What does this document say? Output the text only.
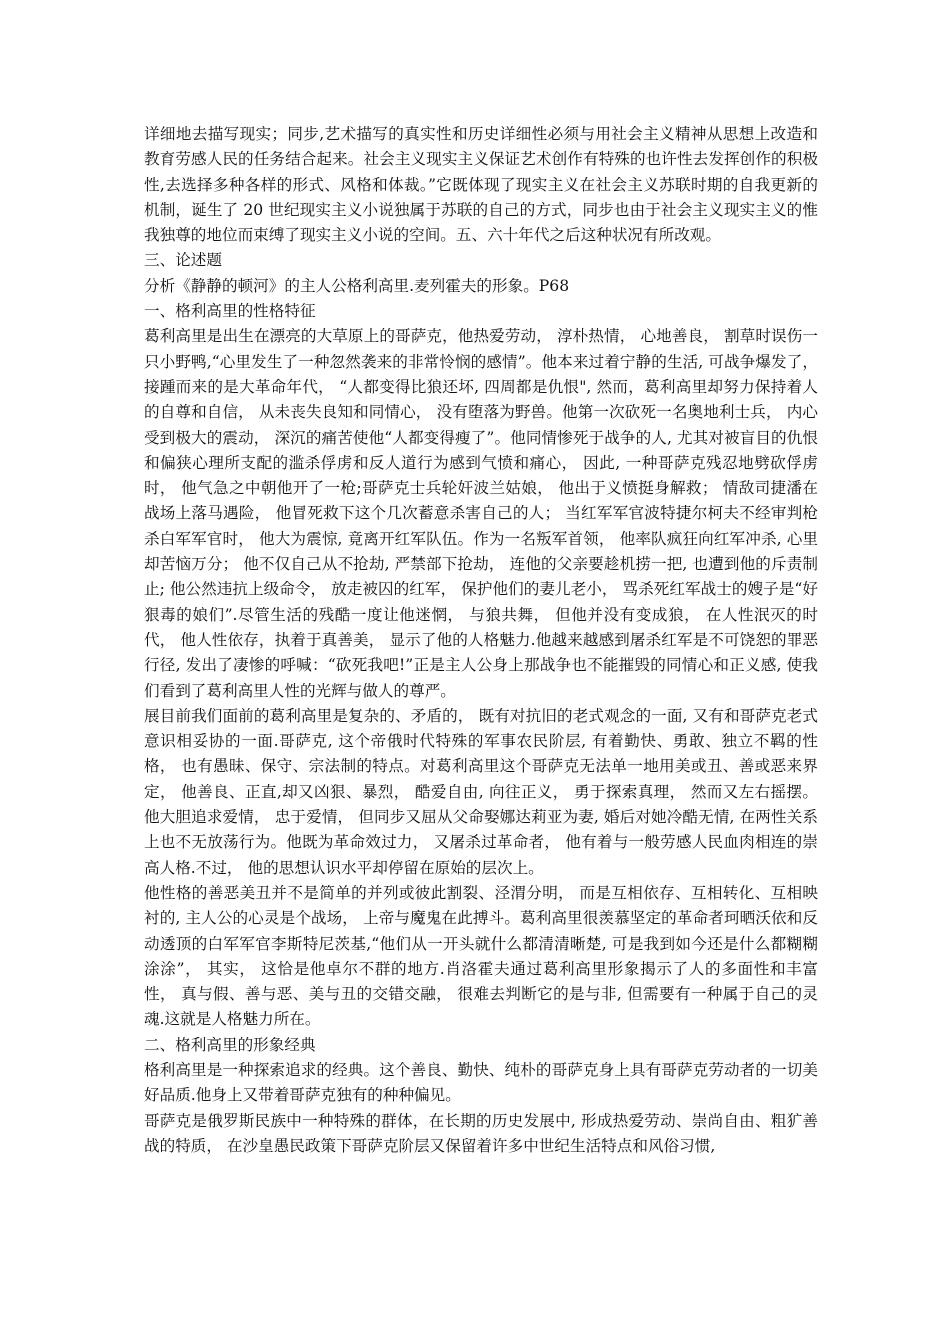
详细地去描写现实；同步,艺术描写的真实性和历史详细性必须与用社会主义精神从思想上改造和教育劳感人民的任务结合起来。社会主义现实主义保证艺术创作有特殊的也许性去发挥创作的积极性,去选择多种各样的形式、风格和体裁。”它既体现了现实主义在社会主义苏联时期的自我更新的机制，诞生了 20 世纪现实主义小说独属于苏联的自己的方式，同步也由于社会主义现实主义的惟我独尊的地位而束缚了现实主义小说的空间。五、六十年代之后这种状况有所改观。

三、论述题

分析《静静的顿河》的主人公格利高里.麦列霍夫的形象。P68

一、格利高里的性格特征

葛利高里是出生在漂亮的大草原上的哥萨克，他热爱劳动， 淳朴热情， 心地善良， 割草时误伤一只小野鸭,“心里发生了一种忽然袭来的非常怜悯的感情”。他本来过着宁静的生活, 可战争爆发了， 接踵而来的是大革命年代， “人都变得比狼还坏, 四周都是仇恨", 然而，葛利高里却努力保持着人的自尊和自信， 从未丧失良知和同情心， 没有堕落为野兽。他第一次砍死一名奥地利士兵， 内心受到极大的震动， 深沉的痛苦使他“人都变得瘦了”。他同情惨死于战争的人, 尤其对被盲目的仇恨和偏狭心理所支配的滥杀俘虏和反人道行为感到气愤和痛心， 因此, 一种哥萨克残忍地劈砍俘虏时， 他气急之中朝他开了一枪;哥萨克士兵轮奸波兰姑娘， 他出于义愤挺身解救； 情敌司捷潘在战场上落马遇险， 他冒死救下这个几次蓄意杀害自己的人； 当红军军官波特捷尔柯夫不经审判枪杀白军军官时， 他大为震惊, 竟离开红军队伍。作为一名叛军首领， 他率队疯狂向红军冲杀, 心里却苦恼万分； 他不仅自己从不抢劫, 严禁部下抢劫， 连他的父亲要趁机捞一把, 也遭到他的斥责制止; 他公然违抗上级命令， 放走被囚的红军， 保护他们的妻儿老小， 骂杀死红军战士的嫂子是“好狠毒的娘们”.尽管生活的残酷一度让他迷惘， 与狼共舞， 但他并没有变成狼， 在人性泯灭的时代， 他人性依存，执着于真善美， 显示了他的人格魅力.他越来越感到屠杀红军是不可饶恕的罪恶行径, 发出了凄惨的呼喊：“砍死我吧!”正是主人公身上那战争也不能摧毁的同情心和正义感, 使我们看到了葛利高里人性的光辉与做人的尊严。

展目前我们面前的葛利高里是复杂的、矛盾的， 既有对抗旧的老式观念的一面, 又有和哥萨克老式意识相妥协的一面.哥萨克, 这个帝俄时代特殊的军事农民阶层, 有着勤快、勇敢、独立不羁的性格， 也有愚昧、保守、宗法制的特点。对葛利高里这个哥萨克无法单一地用美或丑、善或恶来界定， 他善良、正直,却又凶狠、暴烈， 酷爱自由, 向往正义， 勇于探索真理， 然而又左右摇摆。他大胆追求爱情， 忠于爱情， 但同步又屈从父命娶娜达莉亚为妻, 婚后对她冷酷无情, 在两性关系上也不无放荡行为。他既为革命效过力， 又屠杀过革命者， 他有着与一般劳感人民血肉相连的崇高人格.不过， 他的思想认识水平却停留在原始的层次上。

他性格的善恶美丑并不是简单的并列或彼此割裂、泾渭分明， 而是互相依存、互相转化、互相映衬的, 主人公的心灵是个战场， 上帝与魔鬼在此搏斗。葛利高里很羡慕坚定的革命者珂晒沃依和反动透顶的白军军官李斯特尼茨基,“他们从一开头就什么都清清晰楚, 可是我到如今还是什么都糊糊涂涂”， 其实， 这恰是他卓尔不群的地方.肖洛霍夫通过葛利高里形象揭示了人的多面性和丰富性， 真与假、善与恶、美与丑的交错交融， 很难去判断它的是与非, 但需要有一种属于自己的灵魂.这就是人格魅力所在。

二、格利高里的形象经典

格利高里是一种探索追求的经典。这个善良、勤快、纯朴的哥萨克身上具有哥萨克劳动者的一切美好品质.他身上又带着哥萨克独有的种种偏见。

哥萨克是俄罗斯民族中一种特殊的群体，在长期的历史发展中, 形成热爱劳动、崇尚自由、粗犷善战的特质， 在沙皇愚民政策下哥萨克阶层又保留着许多中世纪生活特点和风俗习惯,
